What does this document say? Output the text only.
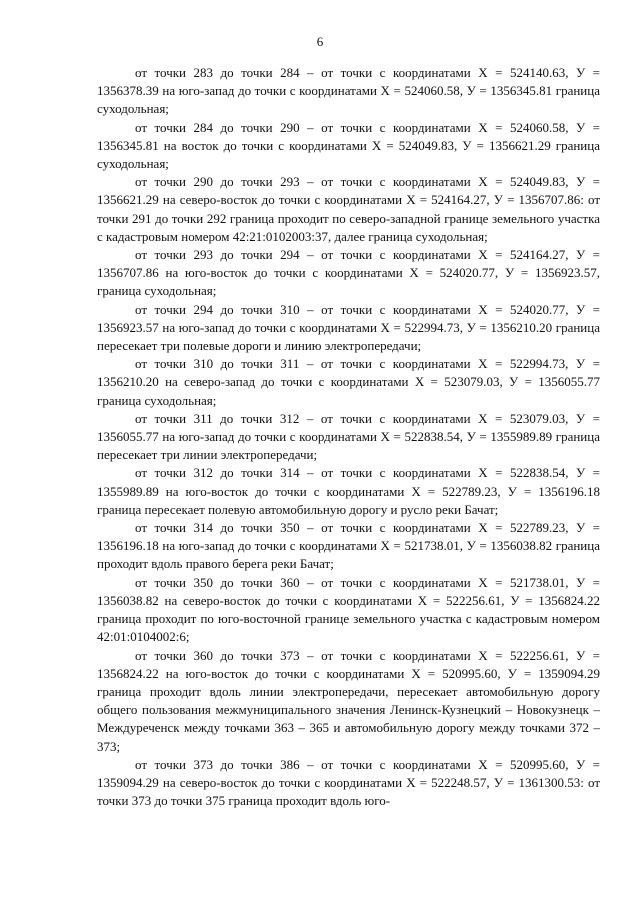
6

от точки 283 до точки 284 – от точки с координатами Х = 524140.63, У = 1356378.39 на юго-запад до точки с координатами Х = 524060.58, У = 1356345.81 граница суходольная;

от точки 284 до точки 290 – от точки с координатами Х = 524060.58, У = 1356345.81 на восток до точки с координатами Х = 524049.83, У = 1356621.29 граница суходольная;

от точки 290 до точки 293 – от точки с координатами Х = 524049.83, У = 1356621.29 на северо-восток до точки с координатами Х = 524164.27, У = 1356707.86: от точки 291 до точки 292 граница проходит по северо-западной границе земельного участка с кадастровым номером 42:21:0102003:37, далее граница суходольная;

от точки 293 до точки 294 – от точки с координатами Х = 524164.27, У = 1356707.86 на юго-восток до точки с координатами Х = 524020.77, У = 1356923.57, граница суходольная;

от точки 294 до точки 310 – от точки с координатами Х = 524020.77, У = 1356923.57 на юго-запад до точки с координатами Х = 522994.73, У = 1356210.20 граница пересекает три полевые дороги и линию электропередачи;

от точки 310 до точки 311 – от точки с координатами Х = 522994.73, У = 1356210.20 на северо-запад до точки с координатами Х = 523079.03, У = 1356055.77 граница суходольная;

от точки 311 до точки 312 – от точки с координатами Х = 523079.03, У = 1356055.77 на юго-запад до точки с координатами Х = 522838.54, У = 1355989.89 граница пересекает три линии электропередачи;

от точки 312 до точки 314 – от точки с координатами Х = 522838.54, У = 1355989.89 на юго-восток до точки с координатами Х = 522789.23, У = 1356196.18 граница пересекает полевую автомобильную дорогу и русло реки Бачат;

от точки 314 до точки 350 – от точки с координатами Х = 522789.23, У = 1356196.18 на юго-запад до точки с координатами Х = 521738.01, У = 1356038.82 граница проходит вдоль правого берега реки Бачат;

от точки 350 до точки 360 – от точки с координатами Х = 521738.01, У = 1356038.82 на северо-восток до точки с координатами Х = 522256.61, У = 1356824.22 граница проходит по юго-восточной границе земельного участка с кадастровым номером 42:01:0104002:6;

от точки 360 до точки 373 – от точки с координатами Х = 522256.61, У = 1356824.22 на юго-восток до точки с координатами Х = 520995.60, У = 1359094.29 граница проходит вдоль линии электропередачи, пересекает автомобильную дорогу общего пользования межмуниципального значения Ленинск-Кузнецкий – Новокузнецк – Междуреченск между точками 363 – 365 и автомобильную дорогу между точками 372 – 373;

от точки 373 до точки 386 – от точки с координатами Х = 520995.60, У = 1359094.29 на северо-восток до точки с координатами Х = 522248.57, У = 1361300.53: от точки 373 до точки 375 граница проходит вдоль юго-
